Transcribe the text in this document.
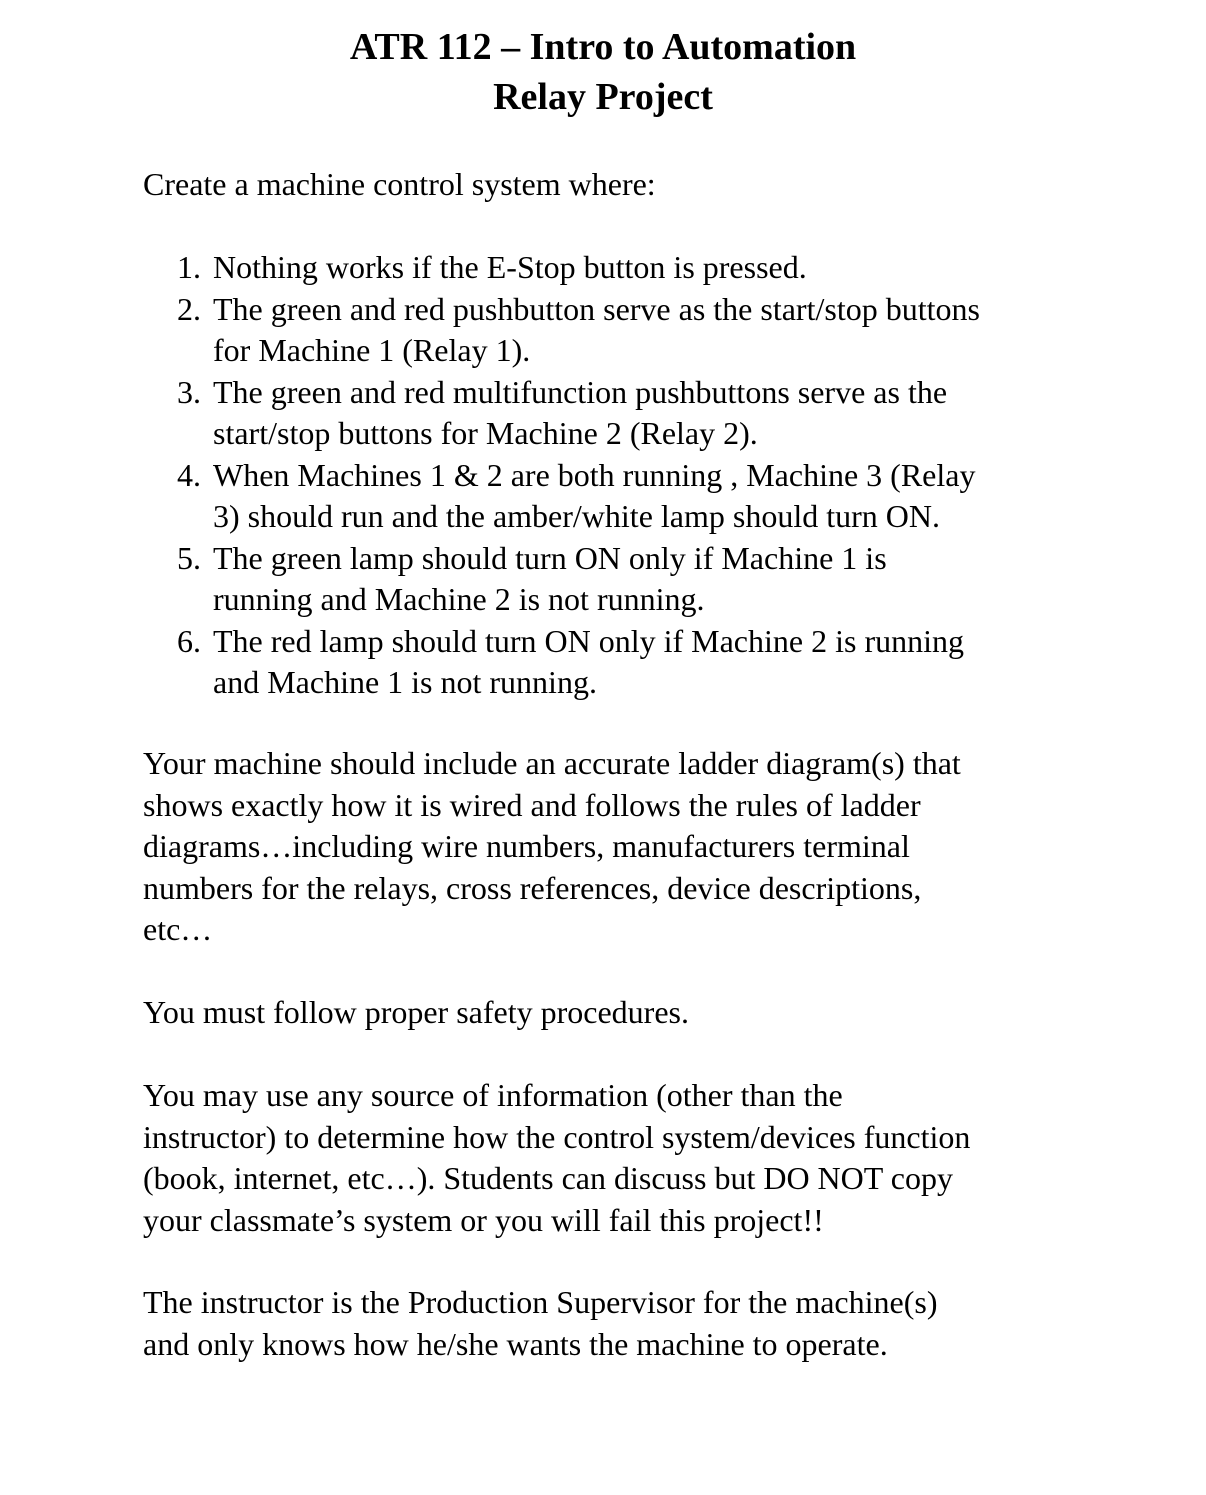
ATR 112 – Intro to Automation
Relay Project

Create a machine control system where:

1. Nothing works if the E-Stop button is pressed.
2. The green and red pushbutton serve as the start/stop buttons
for Machine 1 (Relay 1).
3. The green and red multifunction pushbuttons serve as the
start/stop buttons for Machine 2 (Relay 2).
4. When Machines 1 & 2 are both running , Machine 3 (Relay
3) should run and the amber/white lamp should turn ON.
5. The green lamp should turn ON only if Machine 1 is
running and Machine 2 is not running.
6. The red lamp should turn ON only if Machine 2 is running
and Machine 1 is not running.

Your machine should include an accurate ladder diagram(s) that
shows exactly how it is wired and follows the rules of ladder
diagrams…including wire numbers, manufacturers terminal
numbers for the relays, cross references, device descriptions,
etc…

You must follow proper safety procedures.

You may use any source of information (other than the
instructor) to determine how the control system/devices function
(book, internet, etc…). Students can discuss but DO NOT copy
your classmate’s system or you will fail this project!!

The instructor is the Production Supervisor for the machine(s)
and only knows how he/she wants the machine to operate.
